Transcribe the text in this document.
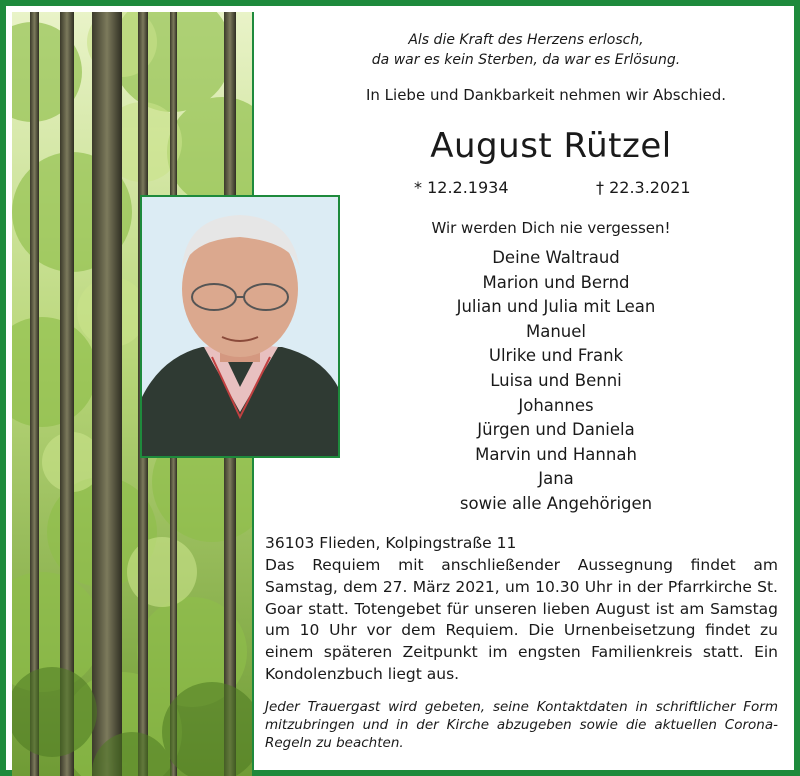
Als die Kraft des Herzens erlosch,
da war es kein Sterben, da war es Erlösung.
In Liebe und Dankbarkeit nehmen wir Abschied.
August Rützel
* 12.2.1934	† 22.3.2021
Wir werden Dich nie vergessen!
Deine Waltraud
Marion und Bernd
Julian und Julia mit Lean
Manuel
Ulrike und Frank
Luisa und Benni
Johannes
Jürgen und Daniela
Marvin und Hannah
Jana
sowie alle Angehörigen
36103 Flieden, Kolpingstraße 11
Das Requiem mit anschließender Aussegnung findet am Samstag, dem 27. März 2021, um 10.30 Uhr in der Pfarrkirche St. Goar statt. Totengebet für unseren lieben August ist am Samstag um 10 Uhr vor dem Requiem. Die Urnenbeisetzung findet zu einem späteren Zeitpunkt im engsten Familienkreis statt. Ein Kondolenzbuch liegt aus.
Jeder Trauergast wird gebeten, seine Kontaktdaten in schriftlicher Form mitzubringen und in der Kirche abzugeben sowie die aktuellen Corona-Regeln zu beachten.
